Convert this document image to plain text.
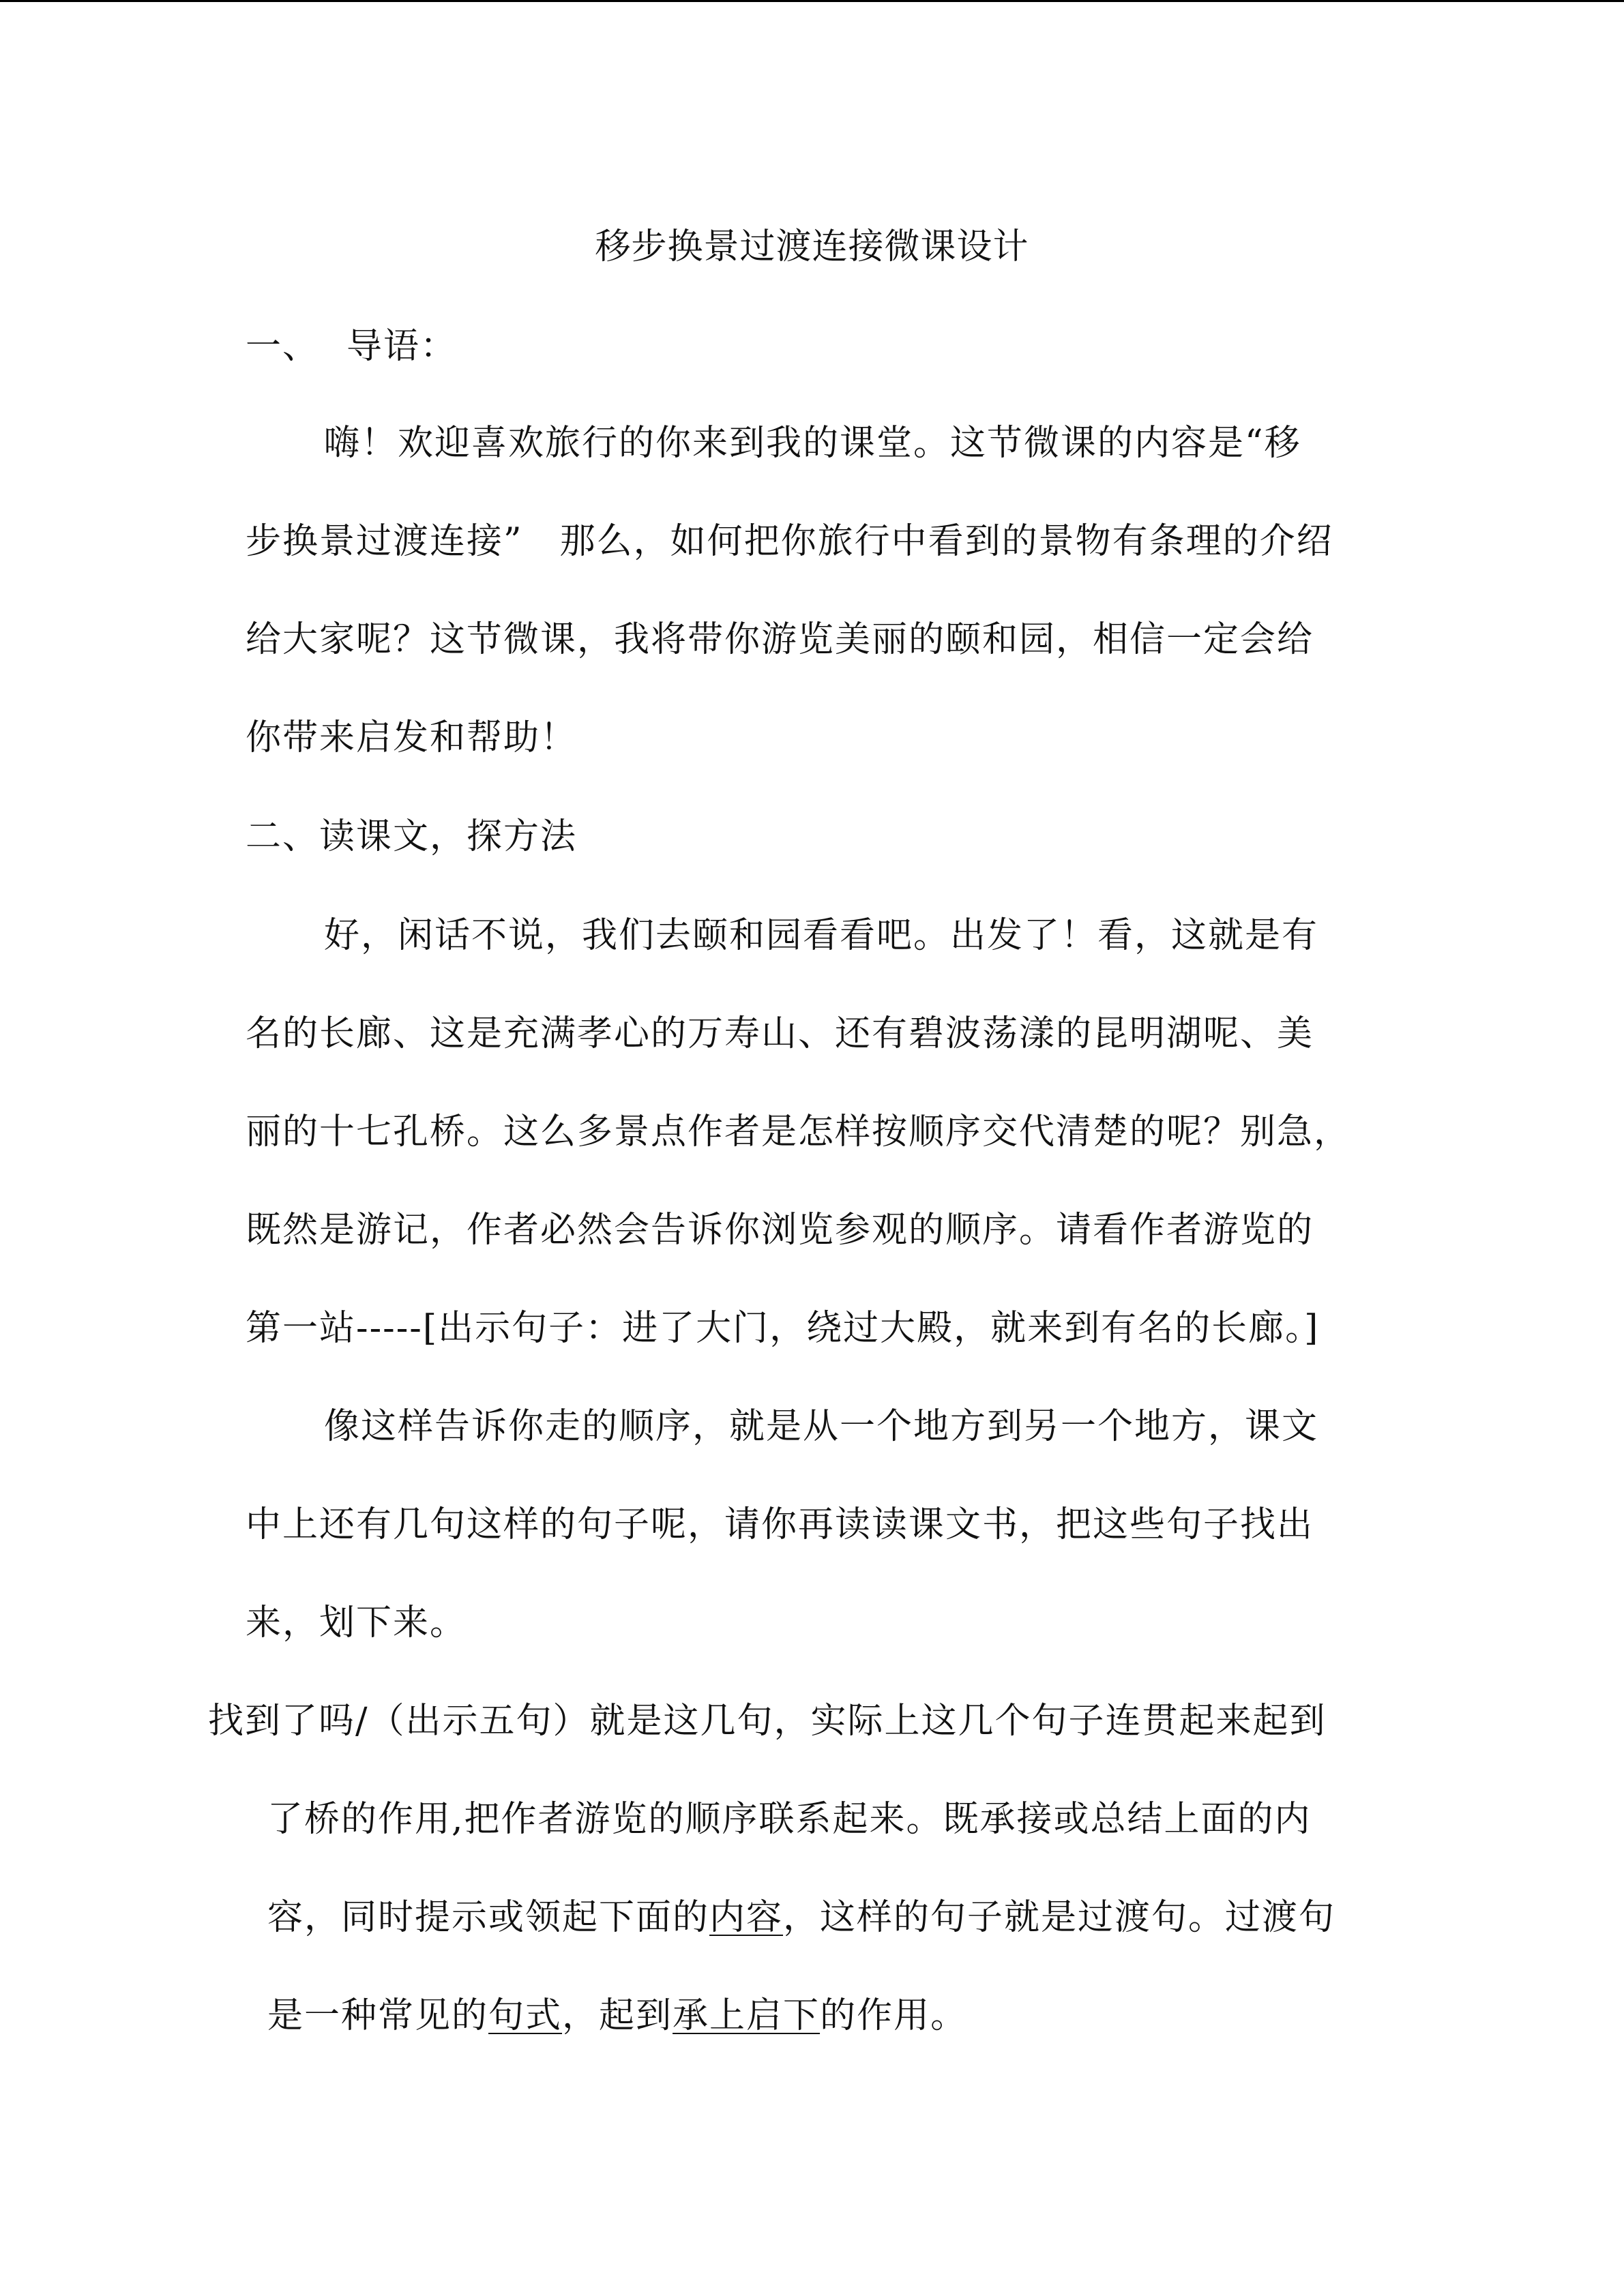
移步换景过渡连接微课设计
一、 导语：
嗨！欢迎喜欢旅行的你来到我的课堂。这节微课的内容是“移
步换景过渡连接”　那么，如何把你旅行中看到的景物有条理的介绍
给大家呢？这节微课，我将带你游览美丽的颐和园，相信一定会给
你带来启发和帮助！
二、读课文，探方法
好，闲话不说，我们去颐和园看看吧。出发了！看，这就是有
名的长廊、这是充满孝心的万寿山、还有碧波荡漾的昆明湖呢、美
丽的十七孔桥。这么多景点作者是怎样按顺序交代清楚的呢？别急，
既然是游记，作者必然会告诉你浏览参观的顺序。请看作者游览的
第一站-----[出示句子：进了大门，绕过大殿，就来到有名的长廊。]
像这样告诉你走的顺序，就是从一个地方到另一个地方，课文
中上还有几句这样的句子呢，请你再读读课文书，把这些句子找出
来，划下来。
找到了吗/（出示五句）就是这几句，实际上这几个句子连贯起来起到
了桥的作用,把作者游览的顺序联系起来。既承接或总结上面的内
容，同时提示或领起下面的内容，这样的句子就是过渡句。过渡句
是一种常见的句式，起到承上启下的作用。
